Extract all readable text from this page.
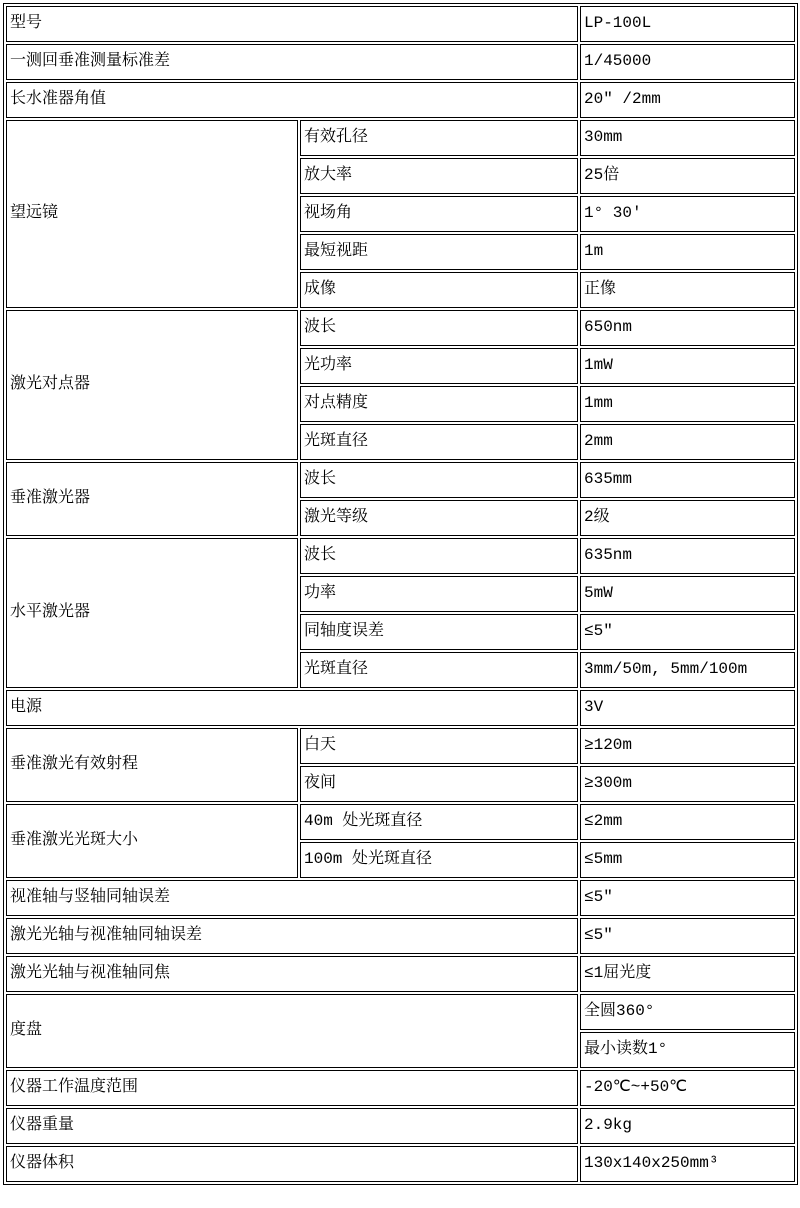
型号		LP-100L
一测回垂准测量标准差		1/45000
长水准器角值		20″ /2mm
望远镜	有效孔径	30mm
	放大率	25倍
	视场角	1° 30′
	最短视距	1m
	成像	正像
激光对点器	波长	650nm
	光功率	1mW
	对点精度	1mm
	光斑直径	2mm
垂准激光器	波长	635mm
	激光等级	2级
水平激光器	波长	635nm
	功率	5mW
	同轴度误差	≤5″
	光斑直径	3mm/50m, 5mm/100m
电源		3V
垂准激光有效射程	白天	≥120m
	夜间	≥300m
垂准激光光斑大小	40m 处光斑直径	≤2mm
	100m 处光斑直径	≤5mm
视准轴与竖轴同轴误差		≤5″
激光光轴与视准轴同轴误差		≤5″
激光光轴与视准轴同焦		≤1屈光度
度盘		全圆360°
		最小读数1°
仪器工作温度范围		-20℃~+50℃
仪器重量		2.9kg
仪器体积		130x140x250mm³
